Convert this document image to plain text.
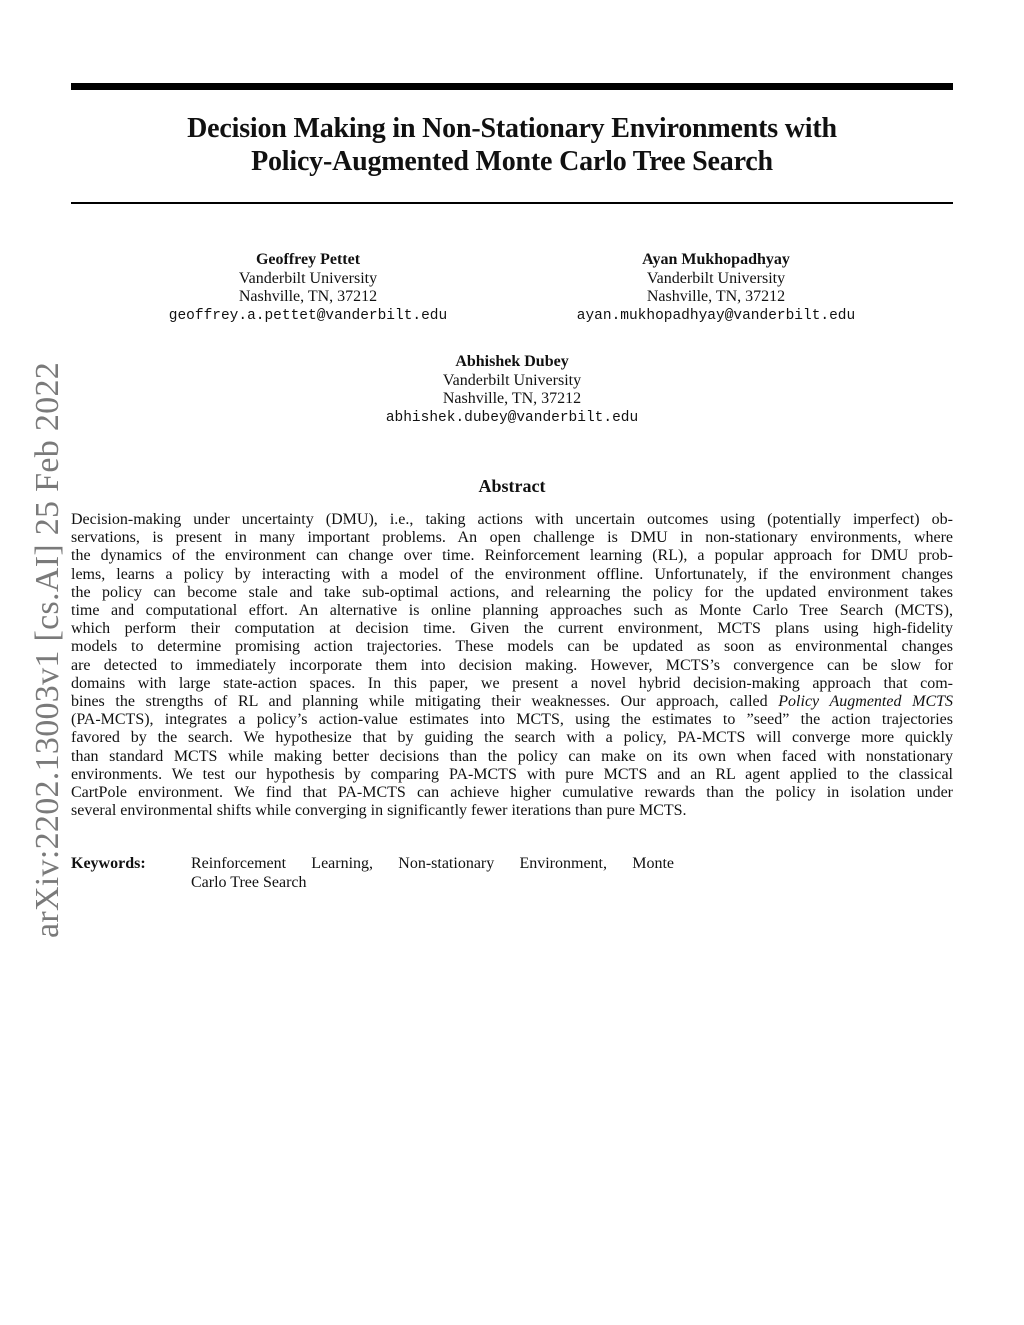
Decision Making in Non-Stationary Environments with
Policy-Augmented Monte Carlo Tree Search
Geoffrey Pettet
Vanderbilt University
Nashville, TN, 37212
geoffrey.a.pettet@vanderbilt.edu
Ayan Mukhopadhyay
Vanderbilt University
Nashville, TN, 37212
ayan.mukhopadhyay@vanderbilt.edu
Abhishek Dubey
Vanderbilt University
Nashville, TN, 37212
abhishek.dubey@vanderbilt.edu
Abstract
Decision-making under uncertainty (DMU), i.e., taking actions with uncertain outcomes using (potentially imperfect) ob-
servations, is present in many important problems. An open challenge is DMU in non-stationary environments, where
the dynamics of the environment can change over time. Reinforcement learning (RL), a popular approach for DMU prob-
lems, learns a policy by interacting with a model of the environment offline. Unfortunately, if the environment changes
the policy can become stale and take sub-optimal actions, and relearning the policy for the updated environment takes
time and computational effort. An alternative is online planning approaches such as Monte Carlo Tree Search (MCTS),
which perform their computation at decision time. Given the current environment, MCTS plans using high-fidelity
models to determine promising action trajectories. These models can be updated as soon as environmental changes
are detected to immediately incorporate them into decision making. However, MCTS’s convergence can be slow for
domains with large state-action spaces. In this paper, we present a novel hybrid decision-making approach that com-
bines the strengths of RL and planning while mitigating their weaknesses. Our approach, called Policy Augmented MCTS
(PA-MCTS), integrates a policy’s action-value estimates into MCTS, using the estimates to ”seed” the action trajectories
favored by the search. We hypothesize that by guiding the search with a policy, PA-MCTS will converge more quickly
than standard MCTS while making better decisions than the policy can make on its own when faced with nonstationary
environments. We test our hypothesis by comparing PA-MCTS with pure MCTS and an RL agent applied to the classical
CartPole environment. We find that PA-MCTS can achieve higher cumulative rewards than the policy in isolation under
several environmental shifts while converging in significantly fewer iterations than pure MCTS.
Keywords:	Reinforcement Learning, Non-stationary Environment, Monte
Carlo Tree Search
arXiv:2202.13003v1 [cs.AI] 25 Feb 2022
